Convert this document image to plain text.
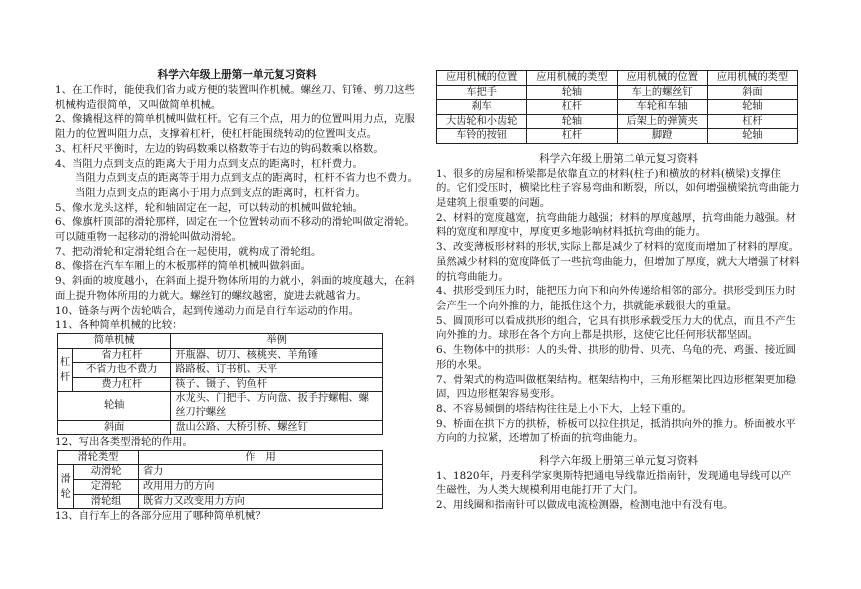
科学六年级上册第一单元复习资料
1、在工作时，能使我们省力或方便的装置叫作机械。螺丝刀、钉锤、剪刀这些机械构造很简单，又叫做简单机械。
2、像撬棍这样的简单机械叫做杠杆。它有三个点，用力的位置叫用力点，克服阻力的位置叫阻力点，支撑着杠杆，使杠杆能围绕转动的位置叫支点。
3、杠杆尺平衡时，左边的钩码数乘以格数等于右边的钩码数乘以格数。
4、当阻力点到支点的距离大于用力点到支点的距离时，杠杆费力。
当阻力点到支点的距离等于用力点到支点的距离时，杠杆不省力也不费力。
当阻力点到支点的距离小于用力点到支点的距离时，杠杆省力。
5、像水龙头这样，轮和轴固定在一起，可以转动的机械叫做轮轴。
6、像旗杆顶部的滑轮那样，固定在一个位置转动而不移动的滑轮叫做定滑轮。可以随重物一起移动的滑轮叫做动滑轮。
7、把动滑轮和定滑轮组合在一起使用，就构成了滑轮组。
8、像搭在汽车车厢上的木板那样的简单机械叫做斜面。
9、斜面的坡度越小，在斜面上提升物体所用的力就小，斜面的坡度越大，在斜面上提升物体所用的力就大。螺丝钉的螺纹越密，旋进去就越省力。
10、链条与两个齿轮啮合，起到传递动力而是自行车运动的作用。
11、各种简单机械的比较：
简单机械		举例
杠杆	省力杠杆	开瓶器、切刀、核桃夹、羊角锤
	不省力也不费力	路路板、订书机、天平
	费力杠杆	筷子、镊子、钓鱼杆
轮轴		水龙头、门把手、方向盘、扳手拧螺帽、螺丝刀拧螺丝
斜面		盘山公路、大桥引桥、螺丝钉
12、写出各类型滑轮的作用。
滑轮类型		作　用
滑轮	动滑轮	省力
	定滑轮	改用用力的方向
	滑轮组	既省力又改变用力方向
13、自行车上的各部分应用了哪种简单机械？
应用机械的位置	应用机械的类型	应用机械的位置	应用机械的类型
车把手	轮轴	车上的螺丝钉	斜面
刹车	杠杆	车轮和车轴	轮轴
大齿轮和小齿轮	轮轴	后架上的弹簧夹	杠杆
车铃的按钮	杠杆	脚蹬	轮轴
科学六年级上册第二单元复习资料
1、很多的房屋和桥梁都是依靠直立的材料(柱子)和横放的材料(横梁)支撑住的。它们受压时，横梁比柱子容易弯曲和断裂，所以，如何增强横梁抗弯曲能力是建筑上很重要的问题。
2、材料的宽度越宽，抗弯曲能力越强；材料的厚度越厚，抗弯曲能力越强。材料的宽度和厚度中，厚度更多地影响材料抵抗弯曲的能力。
3、改变薄板形材料的形状,实际上都是减少了材料的宽度而增加了材料的厚度。虽然减少材料的宽度降低了一些抗弯曲能力，但增加了厚度，就大大增强了材料的抗弯曲能力。
4、拱形受到压力时，能把压力向下和向外传递给相邻的部分。拱形受到压力时会产生一个向外推的力，能抵住这个力，拱就能承载很大的重量。
5、圆顶形可以看成拱形的组合，它具有拱形承载受压力大的优点，而且不产生向外推的力。球形在各个方向上都是拱形，这使它比任何形状都坚固。
6、生物体中的拱形：人的头骨、拱形的肋骨、贝壳、乌龟的壳、鸡蛋、接近圆形的水果。
7、骨架式的构造叫做框架结构。框架结构中，三角形框架比四边形框架更加稳固，四边形框架容易变形。
8、不容易倾倒的塔结构往往是上小下大，上轻下重的。
9、桥面在拱下方的拱桥，桥板可以拉住拱足，抵消拱向外的推力。桥面被水平方向的力拉紧，还增加了桥面的抗弯曲能力。
科学六年级上册第三单元复习资料
1、1820年，丹麦科学家奥斯特把通电导线靠近指南针，发现通电导线可以产生磁性，为人类大规模利用电能打开了大门。
2、用线圈和指南针可以做成电流检测器，检测电池中有没有电。
